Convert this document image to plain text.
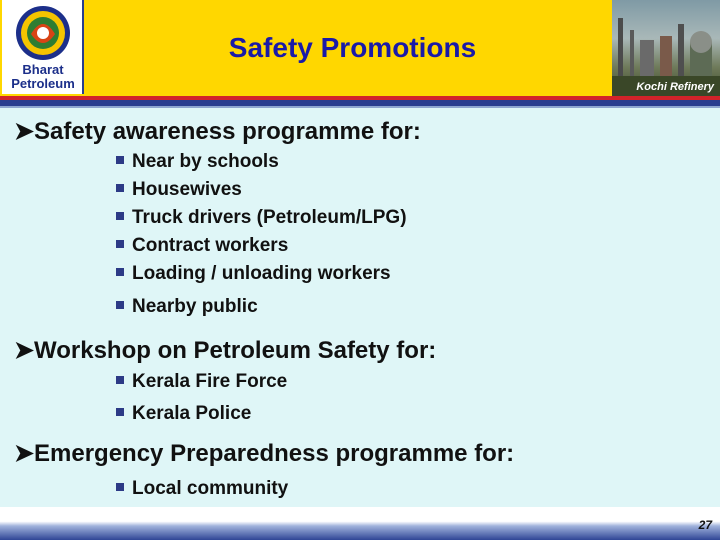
Bharat
Petroleum
Safety Promotions
Kochi Refinery
➤Safety awareness programme for:
Near by schools
Housewives
Truck drivers (Petroleum/LPG)
Contract workers
Loading / unloading workers
Nearby public
➤Workshop on Petroleum Safety for:
Kerala Fire Force
Kerala Police
➤Emergency Preparedness programme for:
Local community
27
